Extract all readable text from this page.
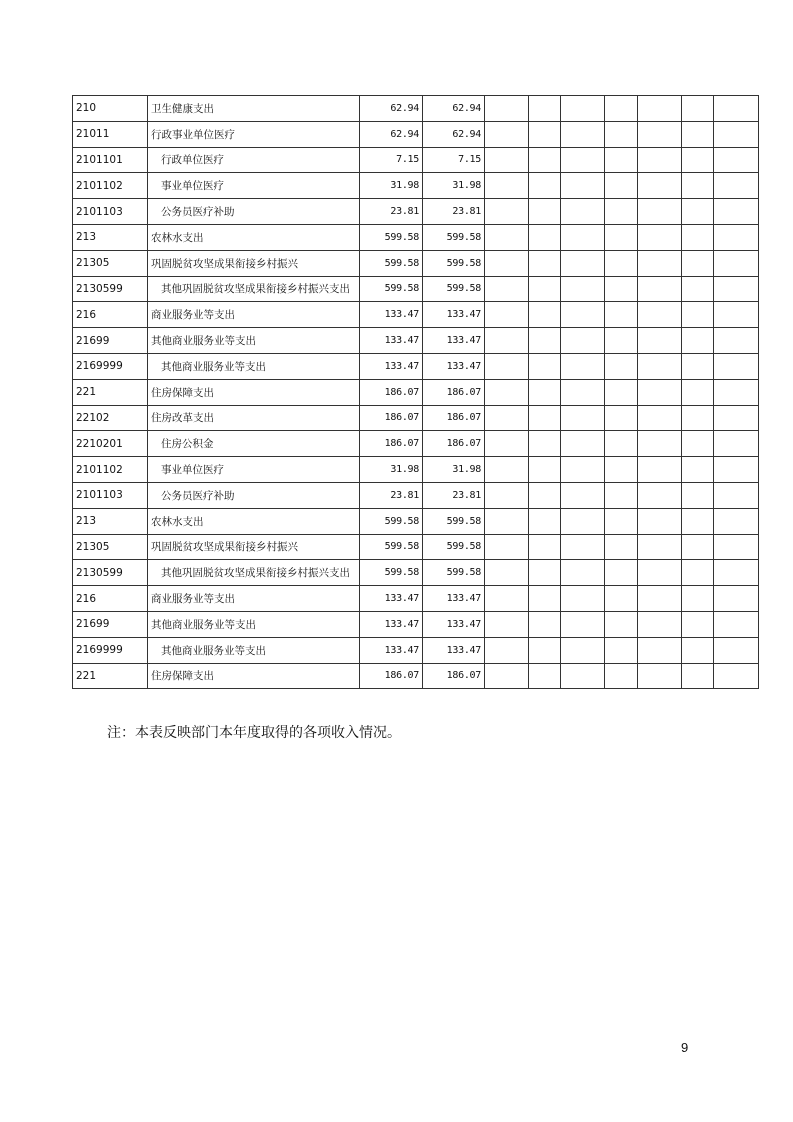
210	卫生健康支出	62.94	62.94							
21011	行政事业单位医疗	62.94	62.94							
2101101	行政单位医疗	7.15	7.15							
2101102	事业单位医疗	31.98	31.98							
2101103	公务员医疗补助	23.81	23.81							
213	农林水支出	599.58	599.58							
21305	巩固脱贫攻坚成果衔接乡村振兴	599.58	599.58							
2130599	其他巩固脱贫攻坚成果衔接乡村振兴支出	599.58	599.58							
216	商业服务业等支出	133.47	133.47							
21699	其他商业服务业等支出	133.47	133.47							
2169999	其他商业服务业等支出	133.47	133.47							
221	住房保障支出	186.07	186.07							
22102	住房改革支出	186.07	186.07							
2210201	住房公积金	186.07	186.07							
2101102	事业单位医疗	31.98	31.98							
2101103	公务员医疗补助	23.81	23.81							
213	农林水支出	599.58	599.58							
21305	巩固脱贫攻坚成果衔接乡村振兴	599.58	599.58							
2130599	其他巩固脱贫攻坚成果衔接乡村振兴支出	599.58	599.58							
216	商业服务业等支出	133.47	133.47							
21699	其他商业服务业等支出	133.47	133.47							
2169999	其他商业服务业等支出	133.47	133.47							
221	住房保障支出	186.07	186.07							
注：本表反映部门本年度取得的各项收入情况。
9
